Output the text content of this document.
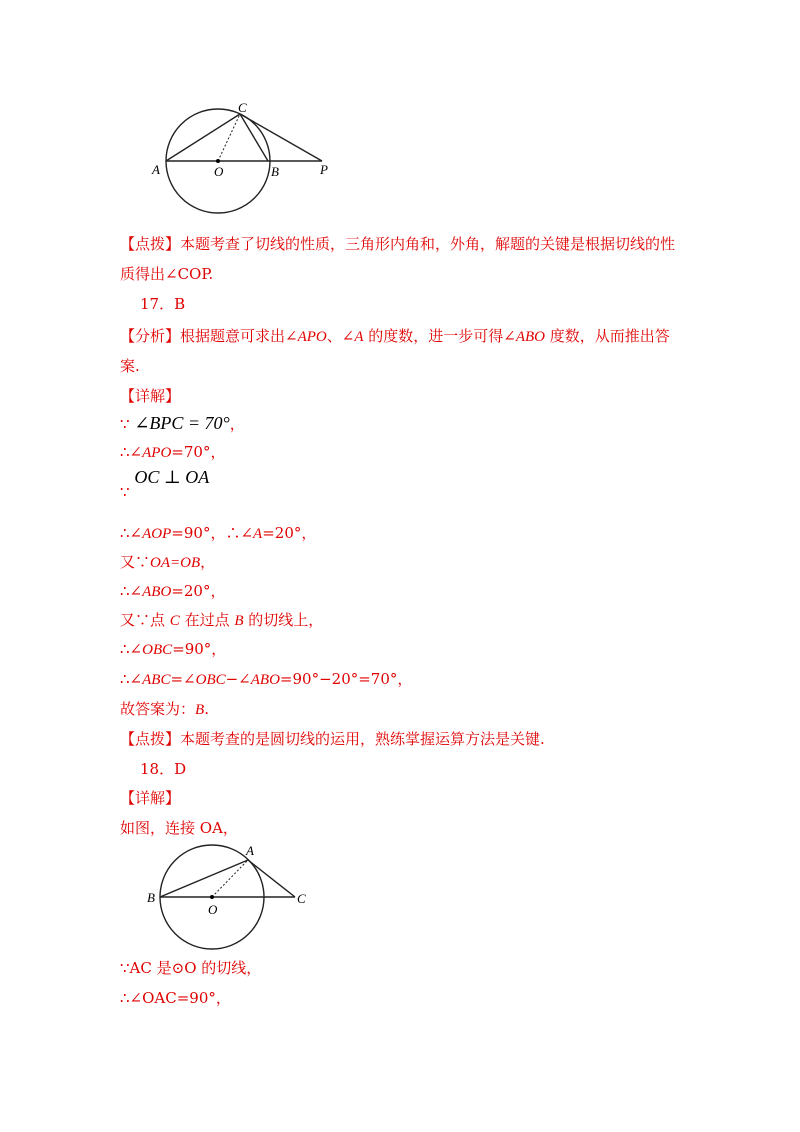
A	O	B
C
P
【点拨】本题考查了切线的性质，三角形内角和，外角，解题的关键是根据切线的性
质得出∠COP.
17．B
【分析】根据题意可求出∠APO、∠A 的度数，进一步可得∠ABO 度数，从而推出答
案.
【详解】
∵ ∠BPC = 70°，
∴∠APO=70°，
∵ OC ⊥ OA
∴∠AOP=90°，∴∠A=20°，
又∵OA=OB，
∴∠ABO=20°，
又∵点 C 在过点 B 的切线上，
∴∠OBC=90°，
∴∠ABC=∠OBC−∠ABO=90°−20°=70°，
故答案为：B.
【点拨】本题考查的是圆切线的运用，熟练掌握运算方法是关键.
18．D
【详解】
如图，连接 OA，
A
B
O
C
∵AC 是⊙O 的切线，
∴∠OAC=90°，
